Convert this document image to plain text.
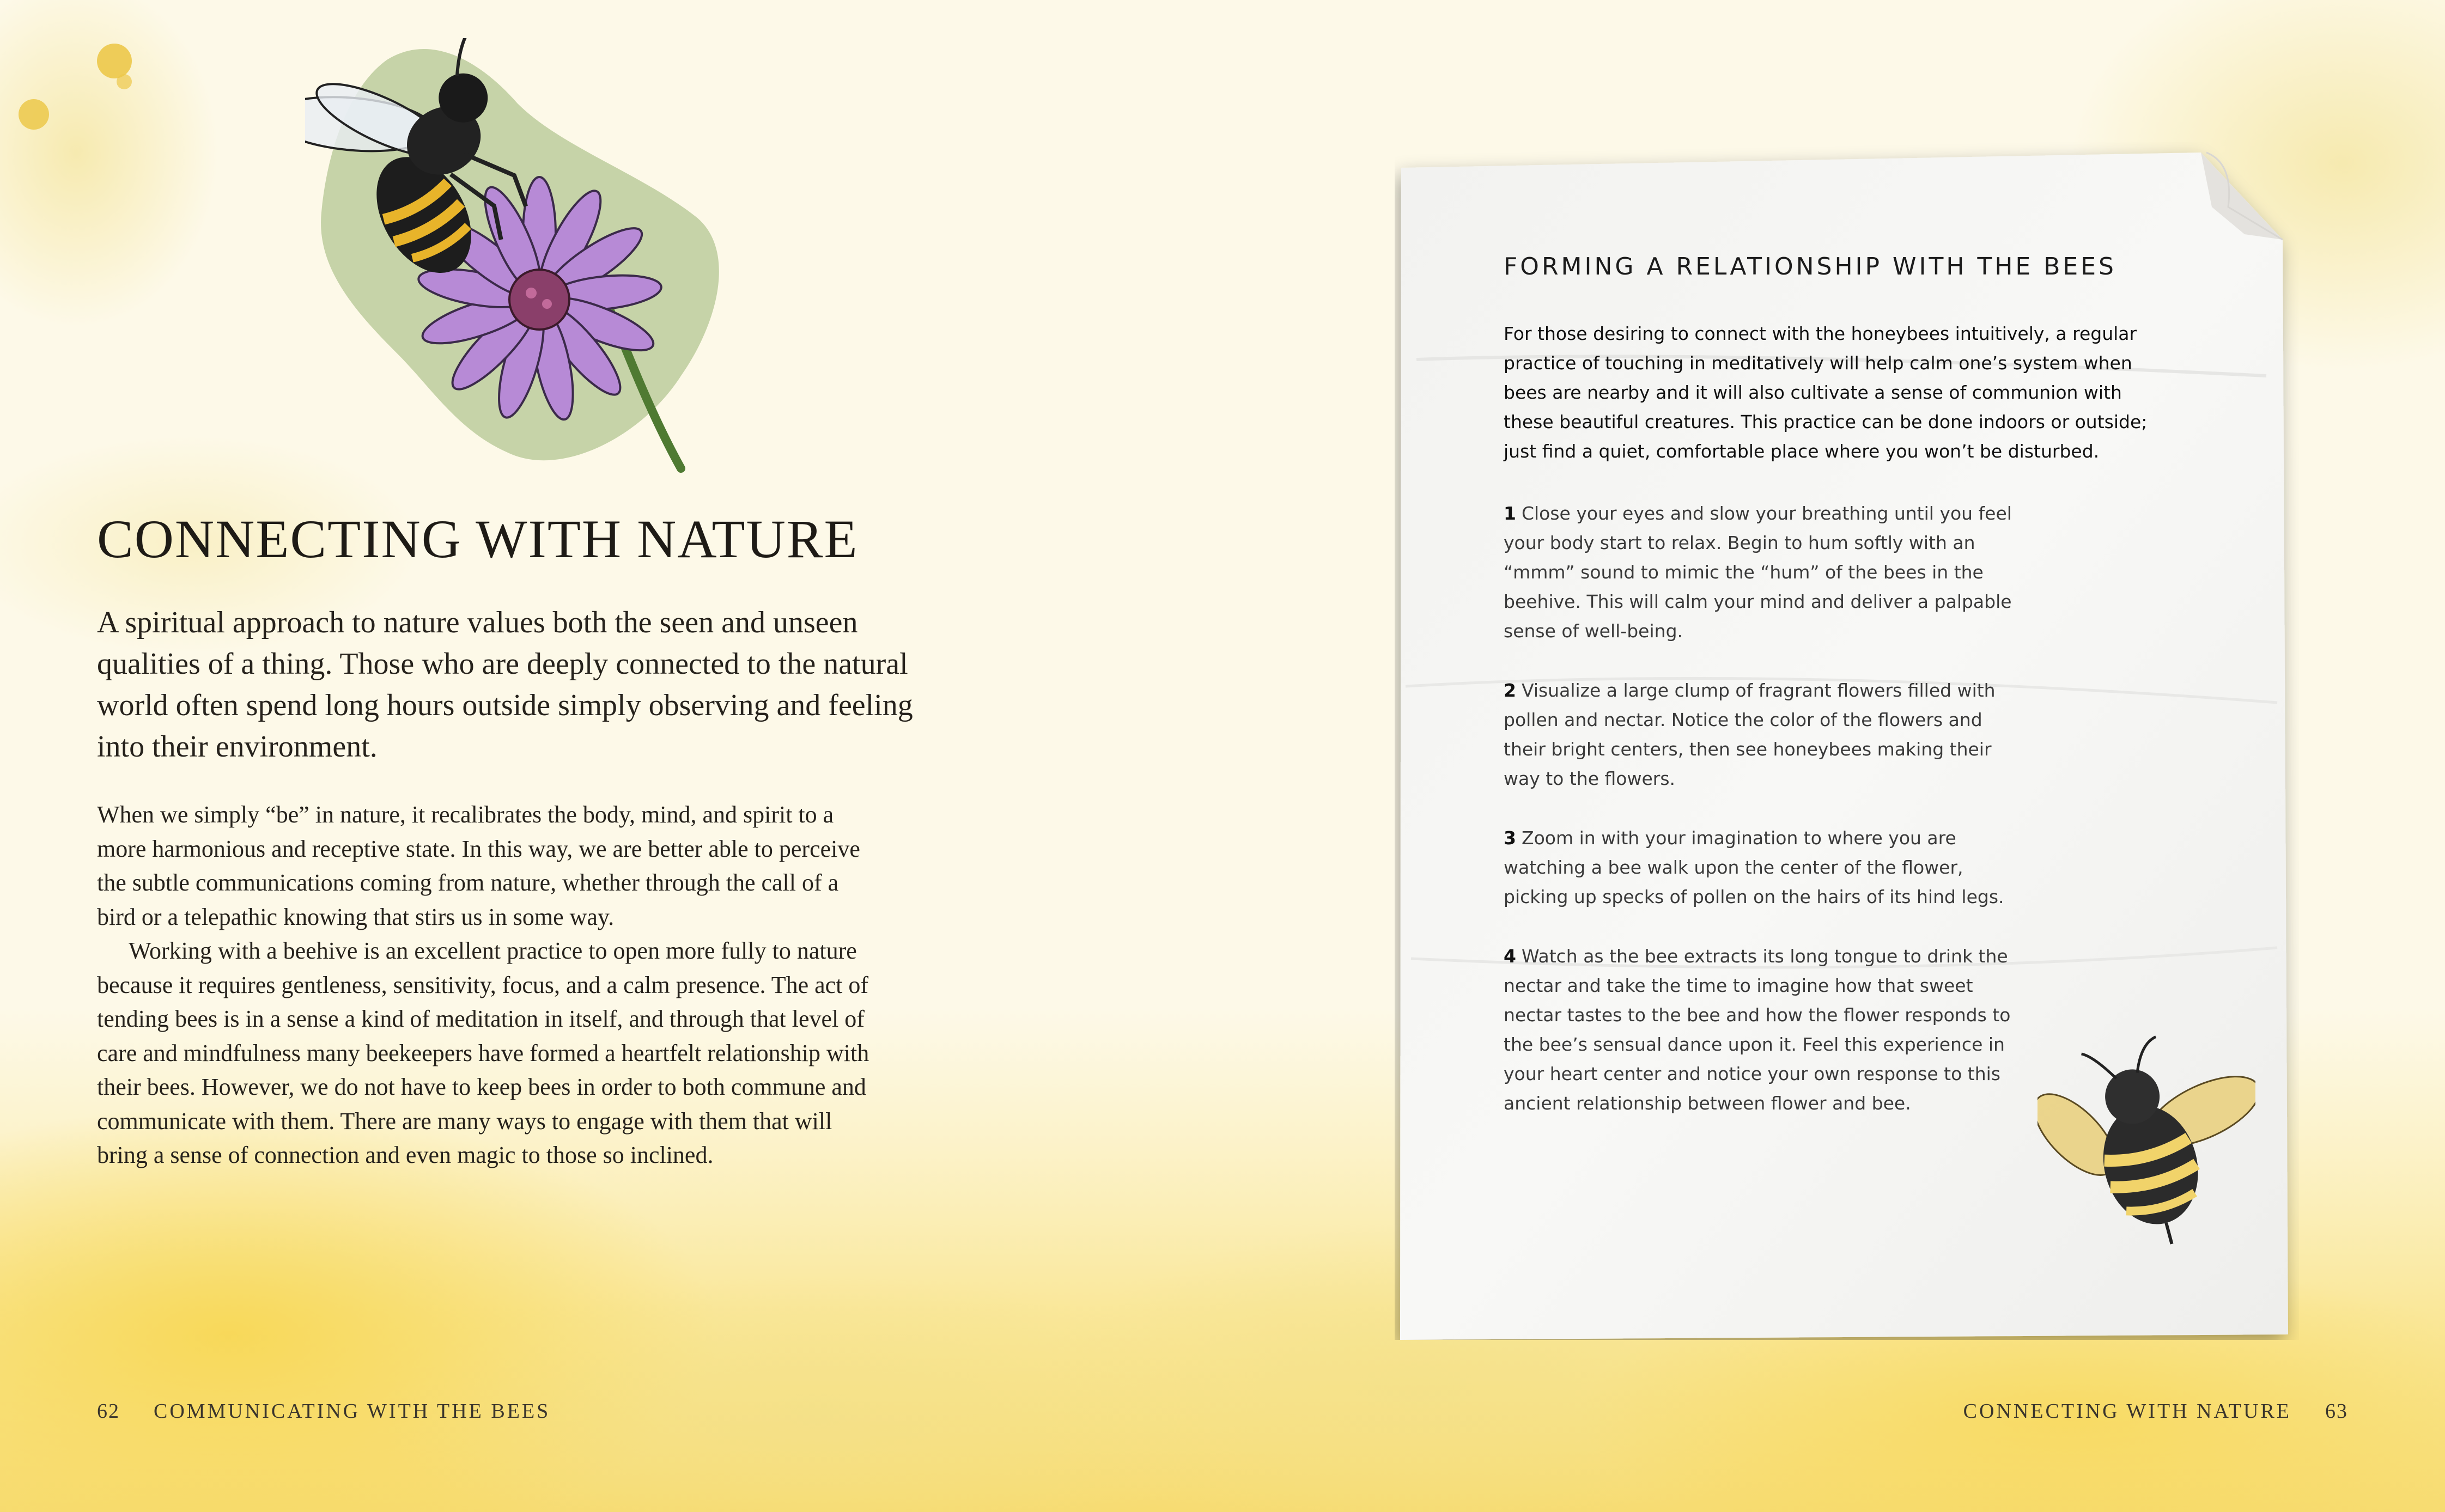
CONNECTING WITH NATURE

A spiritual approach to nature values both the seen and unseen qualities of a thing. Those who are deeply connected to the natural world often spend long hours outside simply observing and feeling into their environment.

When we simply “be” in nature, it recalibrates the body, mind, and spirit to a more harmonious and receptive state. In this way, we are better able to perceive the subtle communications coming from nature, whether through the call of a bird or a telepathic knowing that stirs us in some way.

Working with a beehive is an excellent practice to open more fully to nature because it requires gentleness, sensitivity, focus, and a calm presence. The act of tending bees is in a sense a kind of meditation in itself, and through that level of care and mindfulness many beekeepers have formed a heartfelt relationship with their bees. However, we do not have to keep bees in order to both commune and communicate with them. There are many ways to engage with them that will bring a sense of connection and even magic to those so inclined.

62 COMMUNICATING WITH THE BEES
FORMING A RELATIONSHIP WITH THE BEES

For those desiring to connect with the honeybees intuitively, a regular practice of touching in meditatively will help calm one’s system when bees are nearby and it will also cultivate a sense of communion with these beautiful creatures. This practice can be done indoors or outside; just find a quiet, comfortable place where you won’t be disturbed.

1 Close your eyes and slow your breathing until you feel your body start to relax. Begin to hum softly with an “mmm” sound to mimic the “hum” of the bees in the beehive. This will calm your mind and deliver a palpable sense of well-being.

2 Visualize a large clump of fragrant flowers filled with pollen and nectar. Notice the color of the flowers and their bright centers, then see honeybees making their way to the flowers.

3 Zoom in with your imagination to where you are watching a bee walk upon the center of the flower, picking up specks of pollen on the hairs of its hind legs.

4 Watch as the bee extracts its long tongue to drink the nectar and take the time to imagine how that sweet nectar tastes to the bee and how the flower responds to the bee’s sensual dance upon it. Feel this experience in your heart center and notice your own response to this ancient relationship between flower and bee.

CONNECTING WITH NATURE 63
